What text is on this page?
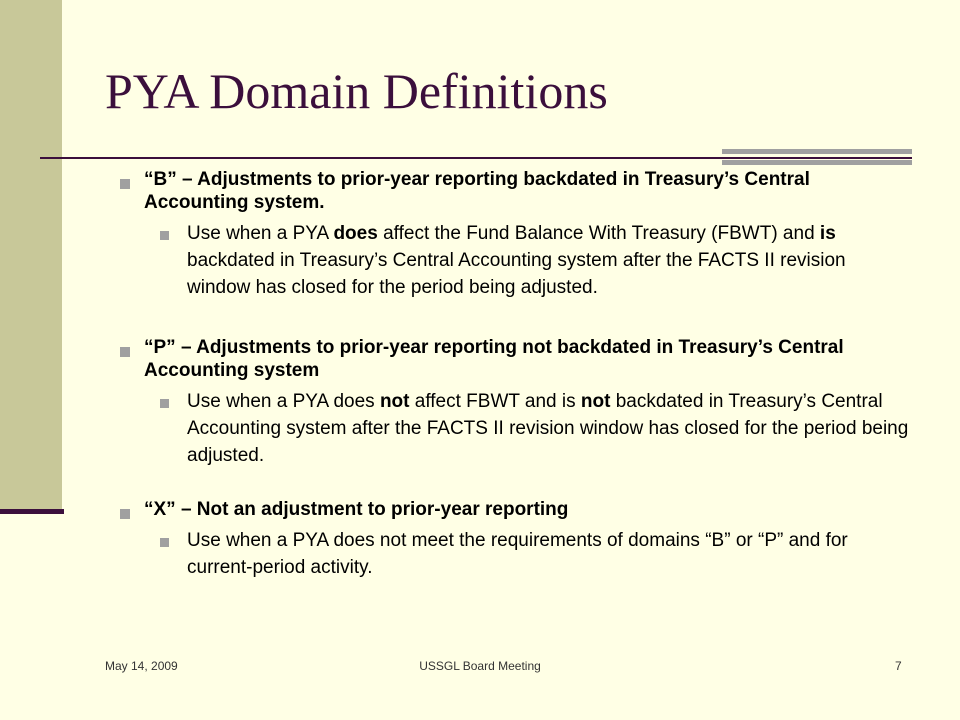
PYA Domain Definitions
“B” – Adjustments to prior-year reporting backdated in Treasury’s Central Accounting system.
Use when a PYA does affect the Fund Balance With Treasury (FBWT) and is backdated in Treasury’s Central Accounting system after the FACTS II revision window has closed for the period being adjusted.
“P” – Adjustments to prior-year reporting not backdated in Treasury’s Central Accounting system
Use when a PYA does not affect FBWT and is not backdated in Treasury’s Central Accounting system after the FACTS II revision window has closed for the period being adjusted.
“X” – Not an adjustment to prior-year reporting
Use when a PYA does not meet the requirements of domains “B” or “P” and for current-period activity.
May 14, 2009	USSGL Board Meeting	7
